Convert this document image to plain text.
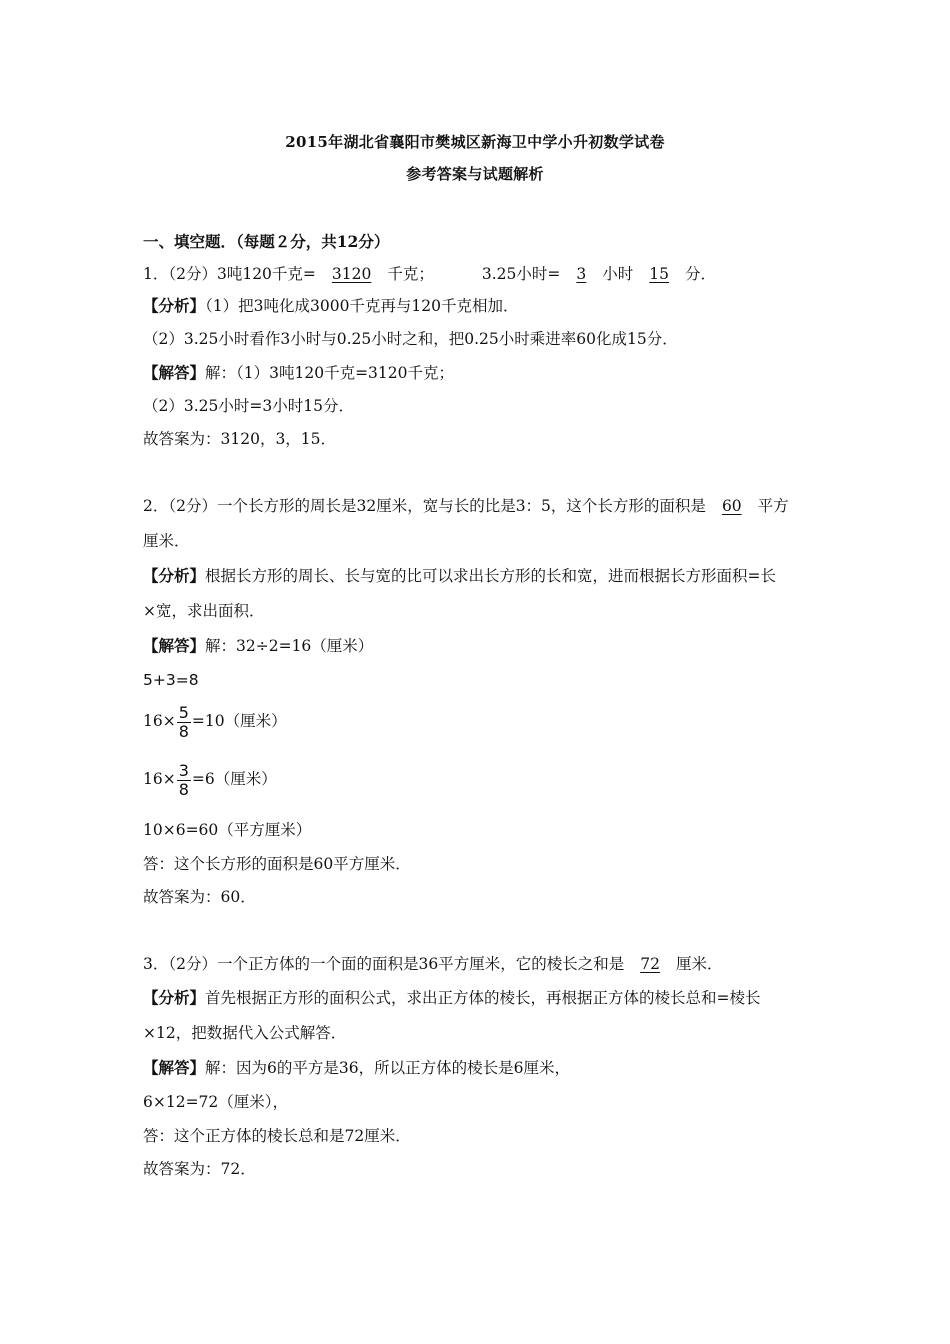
2015年湖北省襄阳市樊城区新海卫中学小升初数学试卷
参考答案与试题解析
一、填空题．（每题２分，共12分）
1．（2分）3吨120千克= 3120 千克；	3.25小时= 3 小时 15 分．
【分析】（1）把3吨化成3000千克再与120千克相加．
（2）3.25小时看作3小时与0.25小时之和，把0.25小时乘进率60化成15分．
【解答】解：（1）3吨120千克=3120千克；
（2）3.25小时=3小时15分．
故答案为：3120，3，15．
2．（2分）一个长方形的周长是32厘米，宽与长的比是3：5，这个长方形的面积是 60 平方
厘米．
【分析】根据长方形的周长、长与宽的比可以求出长方形的长和宽，进而根据长方形面积=长
×宽，求出面积．
【解答】解：32÷2=16（厘米）
5+3=8
$16\times \frac{5}{8} =10$（厘米）
$16\times \frac{3}{8} =6$（厘米）
10×6=60（平方厘米）
答：这个长方形的面积是60平方厘米．
故答案为：60．
3．（2分）一个正方体的一个面的面积是36平方厘米，它的棱长之和是 72 厘米．
【分析】首先根据正方形的面积公式，求出正方体的棱长，再根据正方体的棱长总和=棱长
×12，把数据代入公式解答．
【解答】解：因为6的平方是36，所以正方体的棱长是6厘米，
6×12=72（厘米），
答：这个正方体的棱长总和是72厘米．
故答案为：72．
